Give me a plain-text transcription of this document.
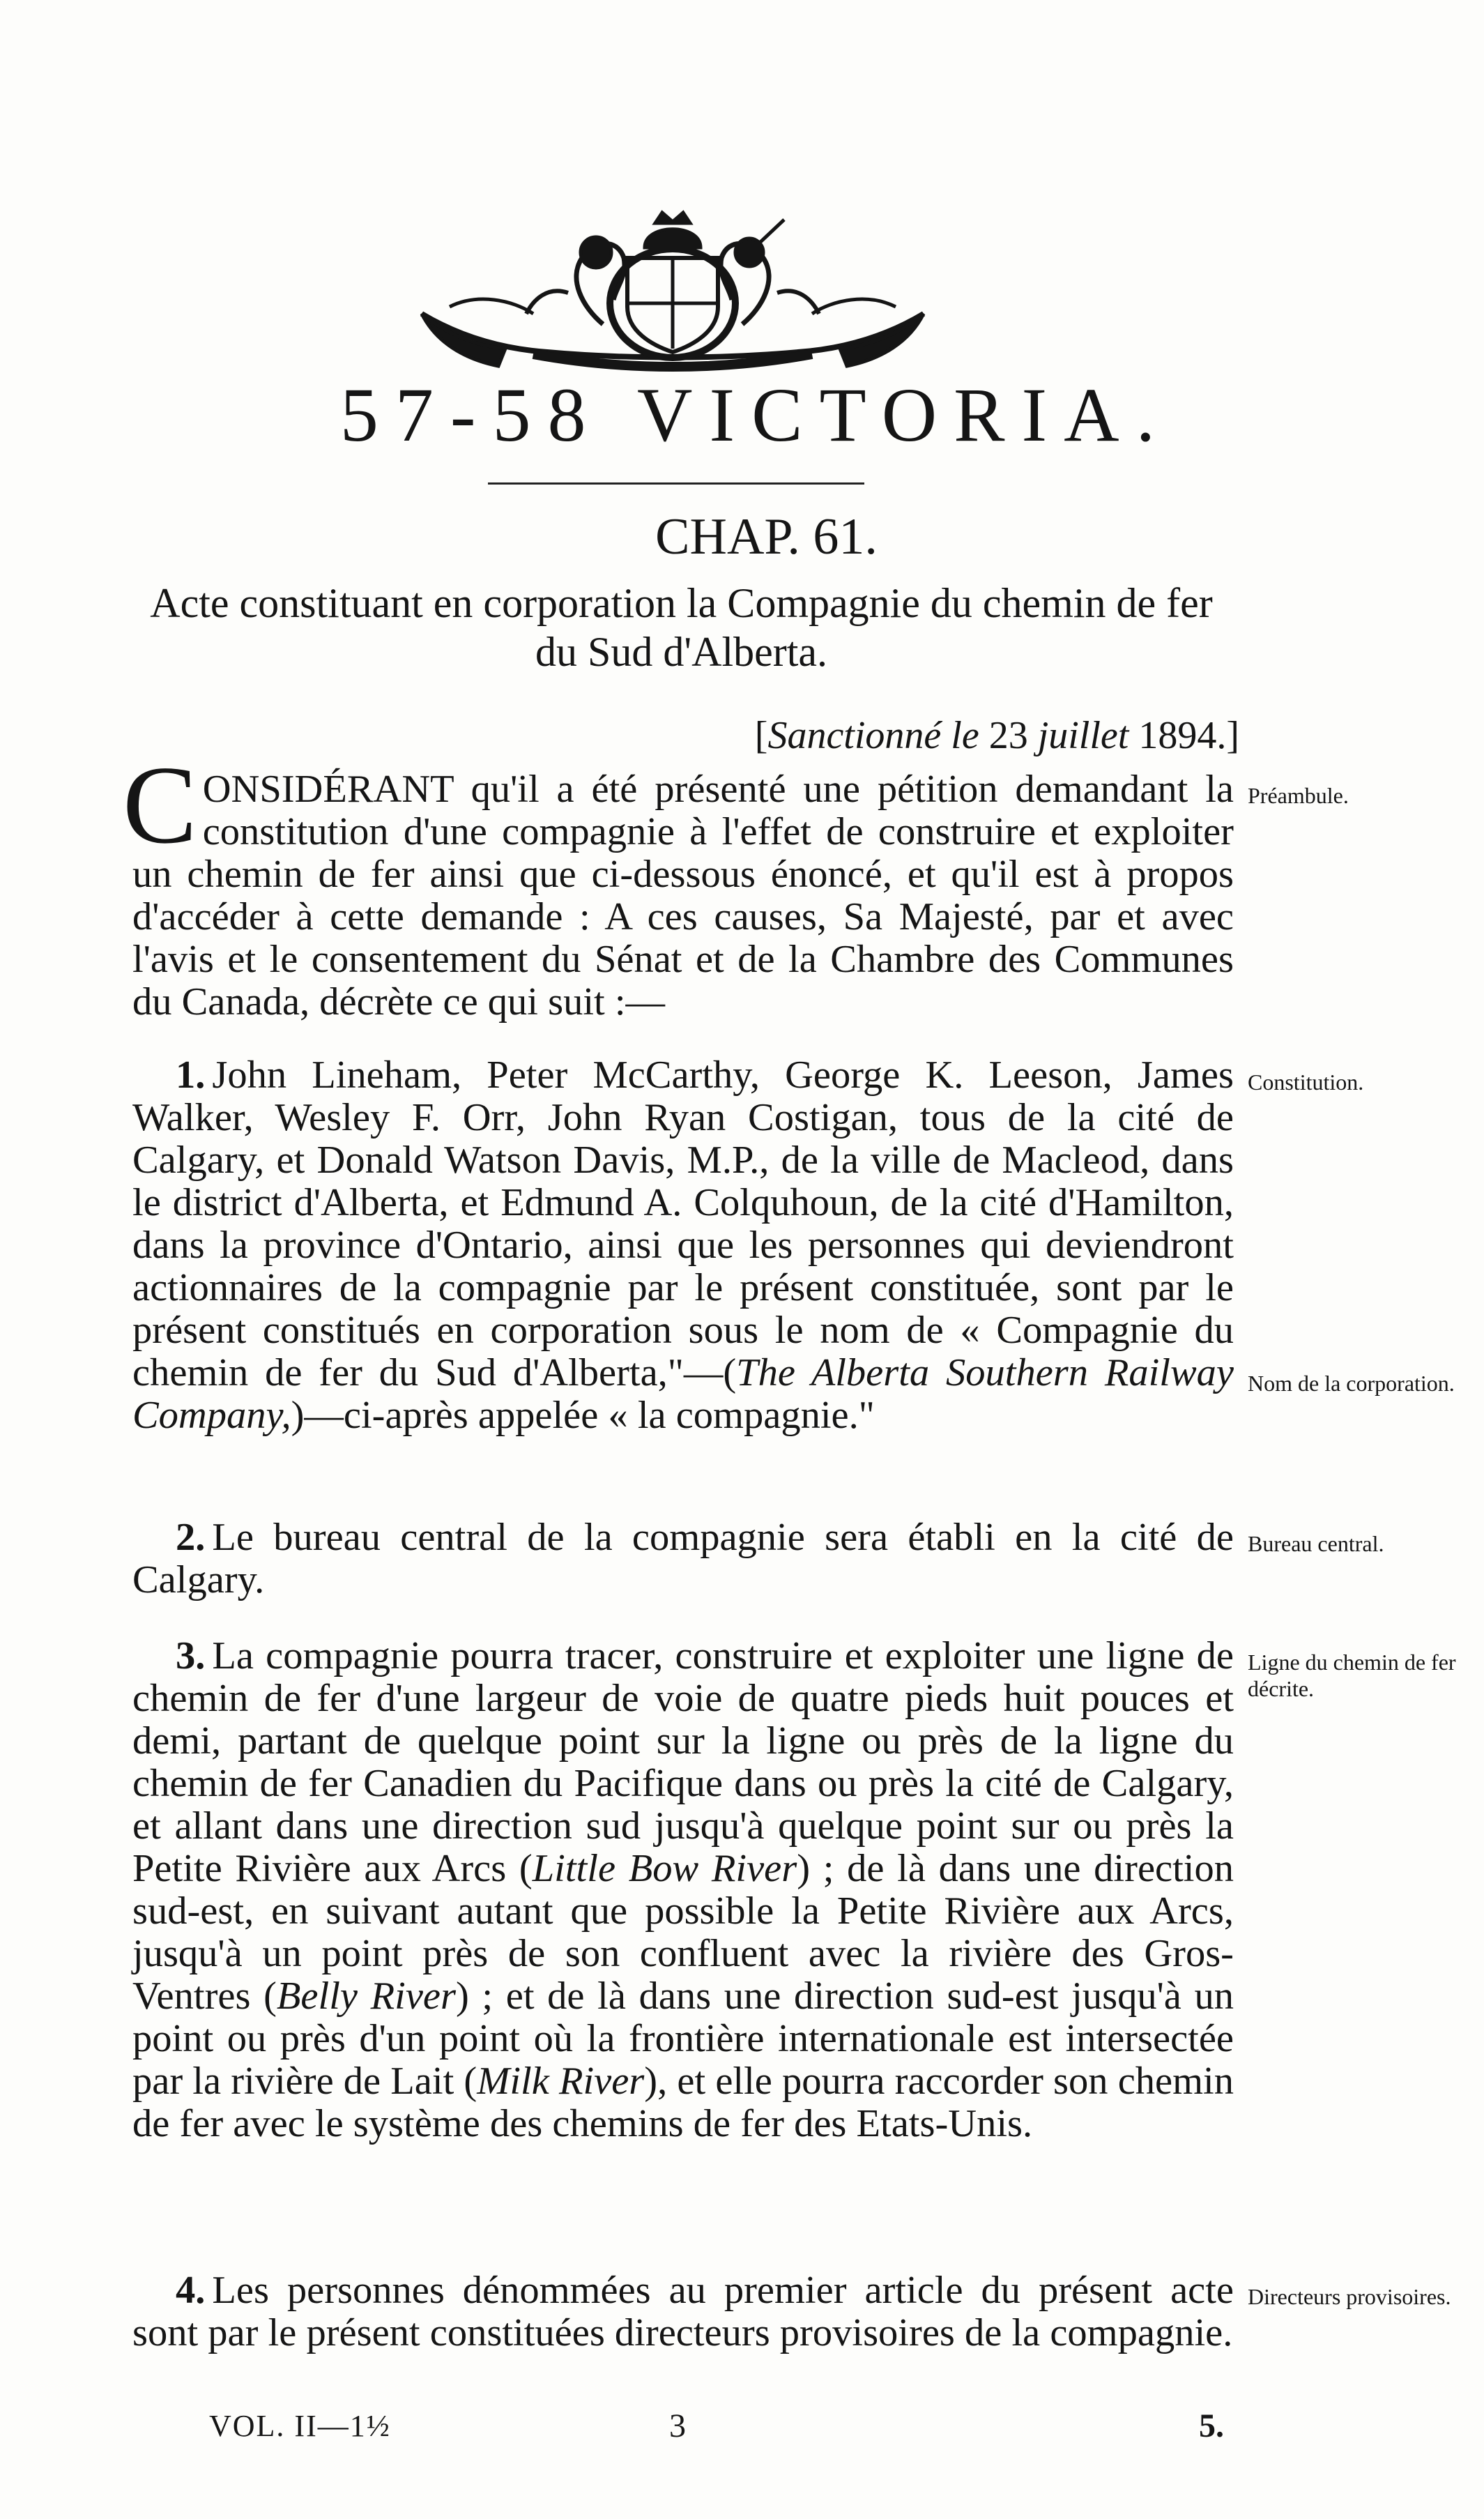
57-58 VICTORIA.
CHAP. 61.
Acte constituant en corporation la Compagnie du chemin de fer du Sud d'Alberta.
[Sanctionné le 23 juillet 1894.]
CONSIDÉRANT qu'il a été présenté une pétition demandant la constitution d'une compagnie à l'effet de construire et exploiter un chemin de fer ainsi que ci-dessous énoncé, et qu'il est à propos d'accéder à cette demande : A ces causes, Sa Majesté, par et avec l'avis et le consentement du Sénat et de la Chambre des Communes du Canada, décrète ce qui suit :—
Préambule.
1. John Lineham, Peter McCarthy, George K. Leeson, James Walker, Wesley F. Orr, John Ryan Costigan, tous de la cité de Calgary, et Donald Watson Davis, M.P., de la ville de Macleod, dans le district d'Alberta, et Edmund A. Colquhoun, de la cité d'Hamilton, dans la province d'Ontario, ainsi que les personnes qui deviendront actionnaires de la compagnie par le présent constituée, sont par le présent constitués en corporation sous le nom de « Compagnie du chemin de fer du Sud d'Alberta,"—(The Alberta Southern Railway Company,)—ci-après appelée « la compagnie."
Constitution.
Nom de la corporation.
2. Le bureau central de la compagnie sera établi en la cité de Calgary.
Bureau central.
3. La compagnie pourra tracer, construire et exploiter une ligne de chemin de fer d'une largeur de voie de quatre pieds huit pouces et demi, partant de quelque point sur la ligne ou près de la ligne du chemin de fer Canadien du Pacifique dans ou près la cité de Calgary, et allant dans une direction sud jusqu'à quelque point sur ou près la Petite Rivière aux Arcs (Little Bow River) ; de là dans une direction sud-est, en suivant autant que possible la Petite Rivière aux Arcs, jusqu'à un point près de son confluent avec la rivière des Gros-Ventres (Belly River) ; et de là dans une direction sud-est jusqu'à un point ou près d'un point où la frontière internationale est intersectée par la rivière de Lait (Milk River), et elle pourra raccorder son chemin de fer avec le système des chemins de fer des Etats-Unis.
Ligne du chemin de fer décrite.
4. Les personnes dénommées au premier article du présent acte sont par le présent constituées directeurs provisoires de la compagnie.
Directeurs provisoires.
VOL. II—1½	3	5.
